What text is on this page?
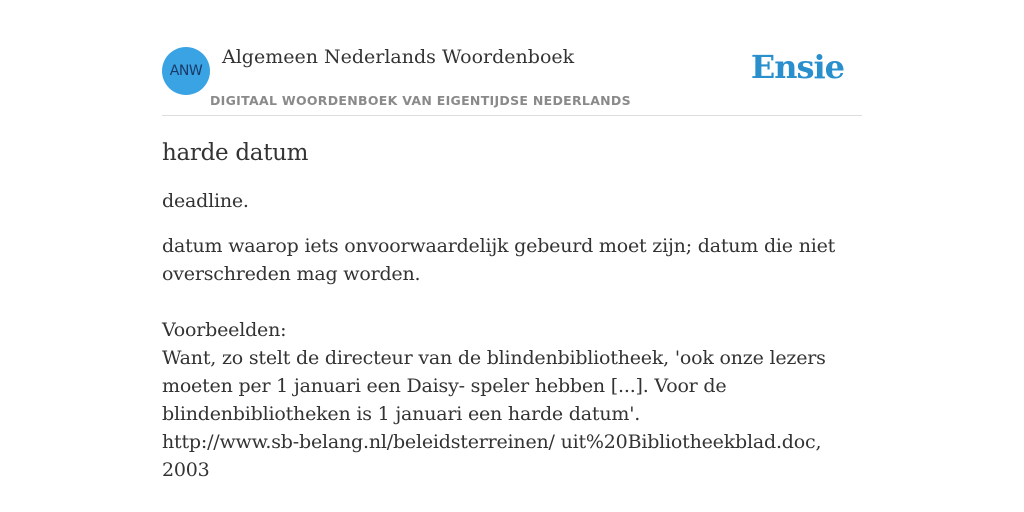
ANW
Algemeen Nederlands Woordenboek
DIGITAAL WOORDENBOEK VAN EIGENTIJDSE NEDERLANDS
Ensie
harde datum
deadline.
datum waarop iets onvoorwaardelijk gebeurd moet zijn; datum die niet overschreden mag worden.
Voorbeelden:
Want, zo stelt de directeur van de blindenbibliotheek, 'ook onze lezers moeten per 1 januari een Daisy- speler hebben [...]. Voor de blindenbibliotheken is 1 januari een harde datum'.
http://www.sb-belang.nl/beleidsterreinen/ uit%20Bibliotheekblad.doc, 2003
